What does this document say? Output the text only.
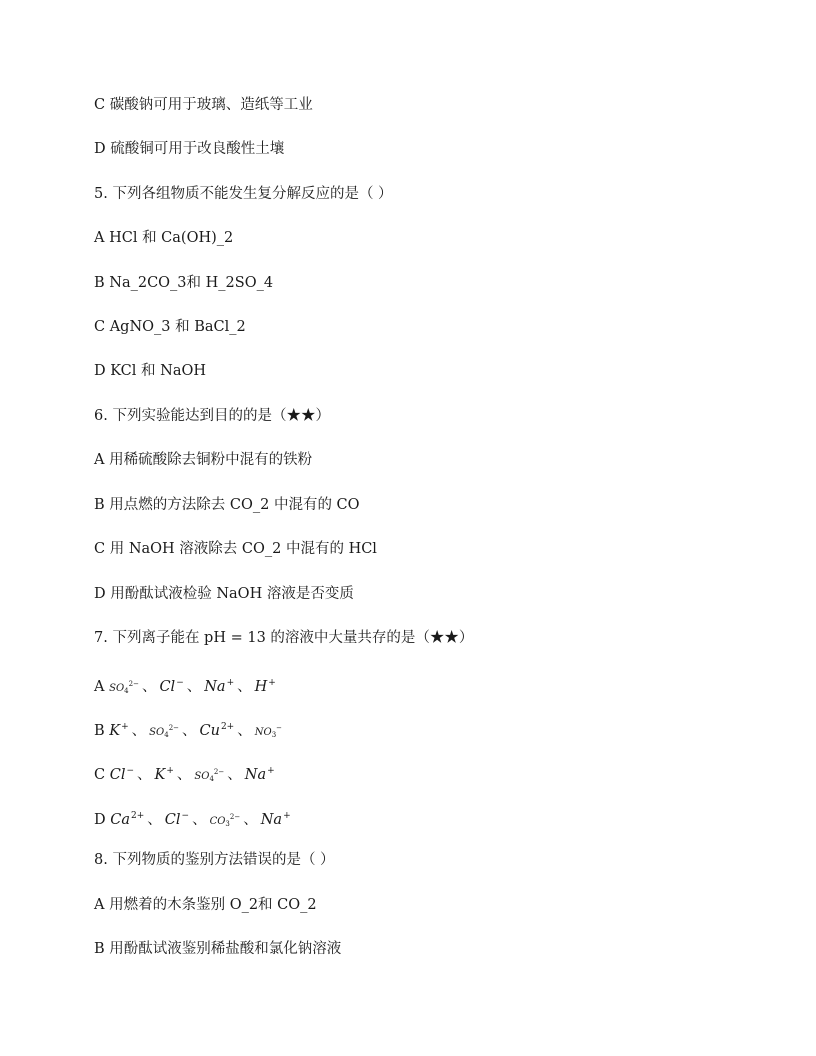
C 碳酸钠可用于玻璃、造纸等工业
D 硫酸铜可用于改良酸性土壤
5. 下列各组物质不能发生复分解反应的是（ ）
A HCl 和 Ca(OH)_2
B Na_2CO_3和 H_2SO_4
C AgNO_3 和 BaCl_2
D KCl 和 NaOH
6. 下列实验能达到目的的是（★★）
A 用稀硫酸除去铜粉中混有的铁粉
B 用点燃的方法除去 CO_2 中混有的 CO
C 用 NaOH 溶液除去 CO_2 中混有的 HCl
D 用酚酞试液检验 NaOH 溶液是否变质
7. 下列离子能在 pH = 13 的溶液中大量共存的是（★★）
A $SO_4^{2-}$ 、 Cl− 、 Na+ 、 H+
B K+ 、 $SO_4^{2-}$ 、 $Cu^{2+}$ 、 $NO_3^-$
C Cl− 、 K+ 、 $SO_4^{2-}$ 、 Na+
D $Ca^{2+}$ 、 Cl− 、 $CO_3^{2-}$ 、 Na+
8. 下列物质的鉴别方法错误的是（ ）
A 用燃着的木条鉴别 O_2和 CO_2
B 用酚酞试液鉴别稀盐酸和氯化钠溶液
